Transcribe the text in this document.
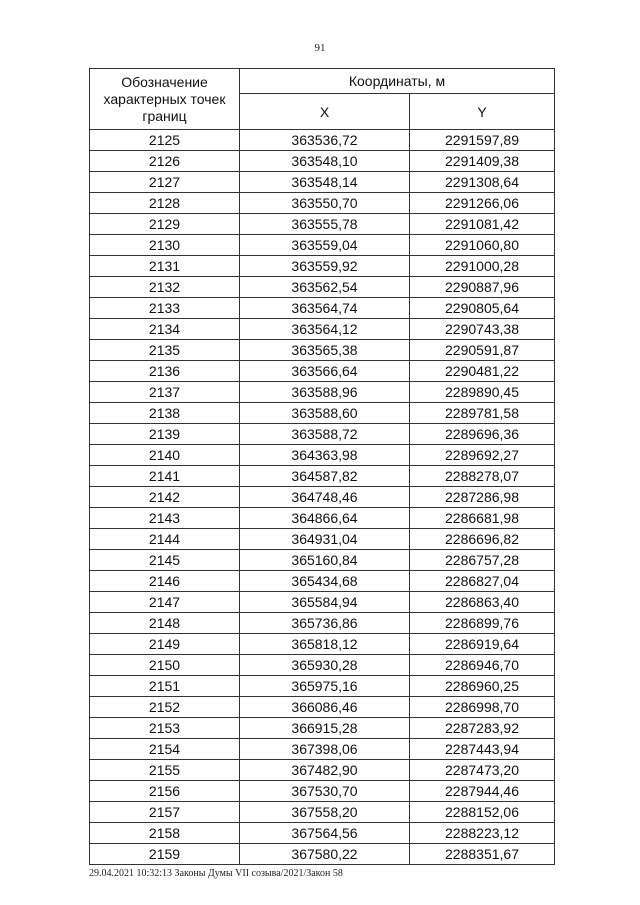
91
Обозначение характерных точек границ	Координаты, м	
	X	Y
2125	363536,72	2291597,89
2126	363548,10	2291409,38
2127	363548,14	2291308,64
2128	363550,70	2291266,06
2129	363555,78	2291081,42
2130	363559,04	2291060,80
2131	363559,92	2291000,28
2132	363562,54	2290887,96
2133	363564,74	2290805,64
2134	363564,12	2290743,38
2135	363565,38	2290591,87
2136	363566,64	2290481,22
2137	363588,96	2289890,45
2138	363588,60	2289781,58
2139	363588,72	2289696,36
2140	364363,98	2289692,27
2141	364587,82	2288278,07
2142	364748,46	2287286,98
2143	364866,64	2286681,98
2144	364931,04	2286696,82
2145	365160,84	2286757,28
2146	365434,68	2286827,04
2147	365584,94	2286863,40
2148	365736,86	2286899,76
2149	365818,12	2286919,64
2150	365930,28	2286946,70
2151	365975,16	2286960,25
2152	366086,46	2286998,70
2153	366915,28	2287283,92
2154	367398,06	2287443,94
2155	367482,90	2287473,20
2156	367530,70	2287944,46
2157	367558,20	2288152,06
2158	367564,56	2288223,12
2159	367580,22	2288351,67
29.04.2021 10:32:13 Законы Думы VII созыва/2021/Закон 58
